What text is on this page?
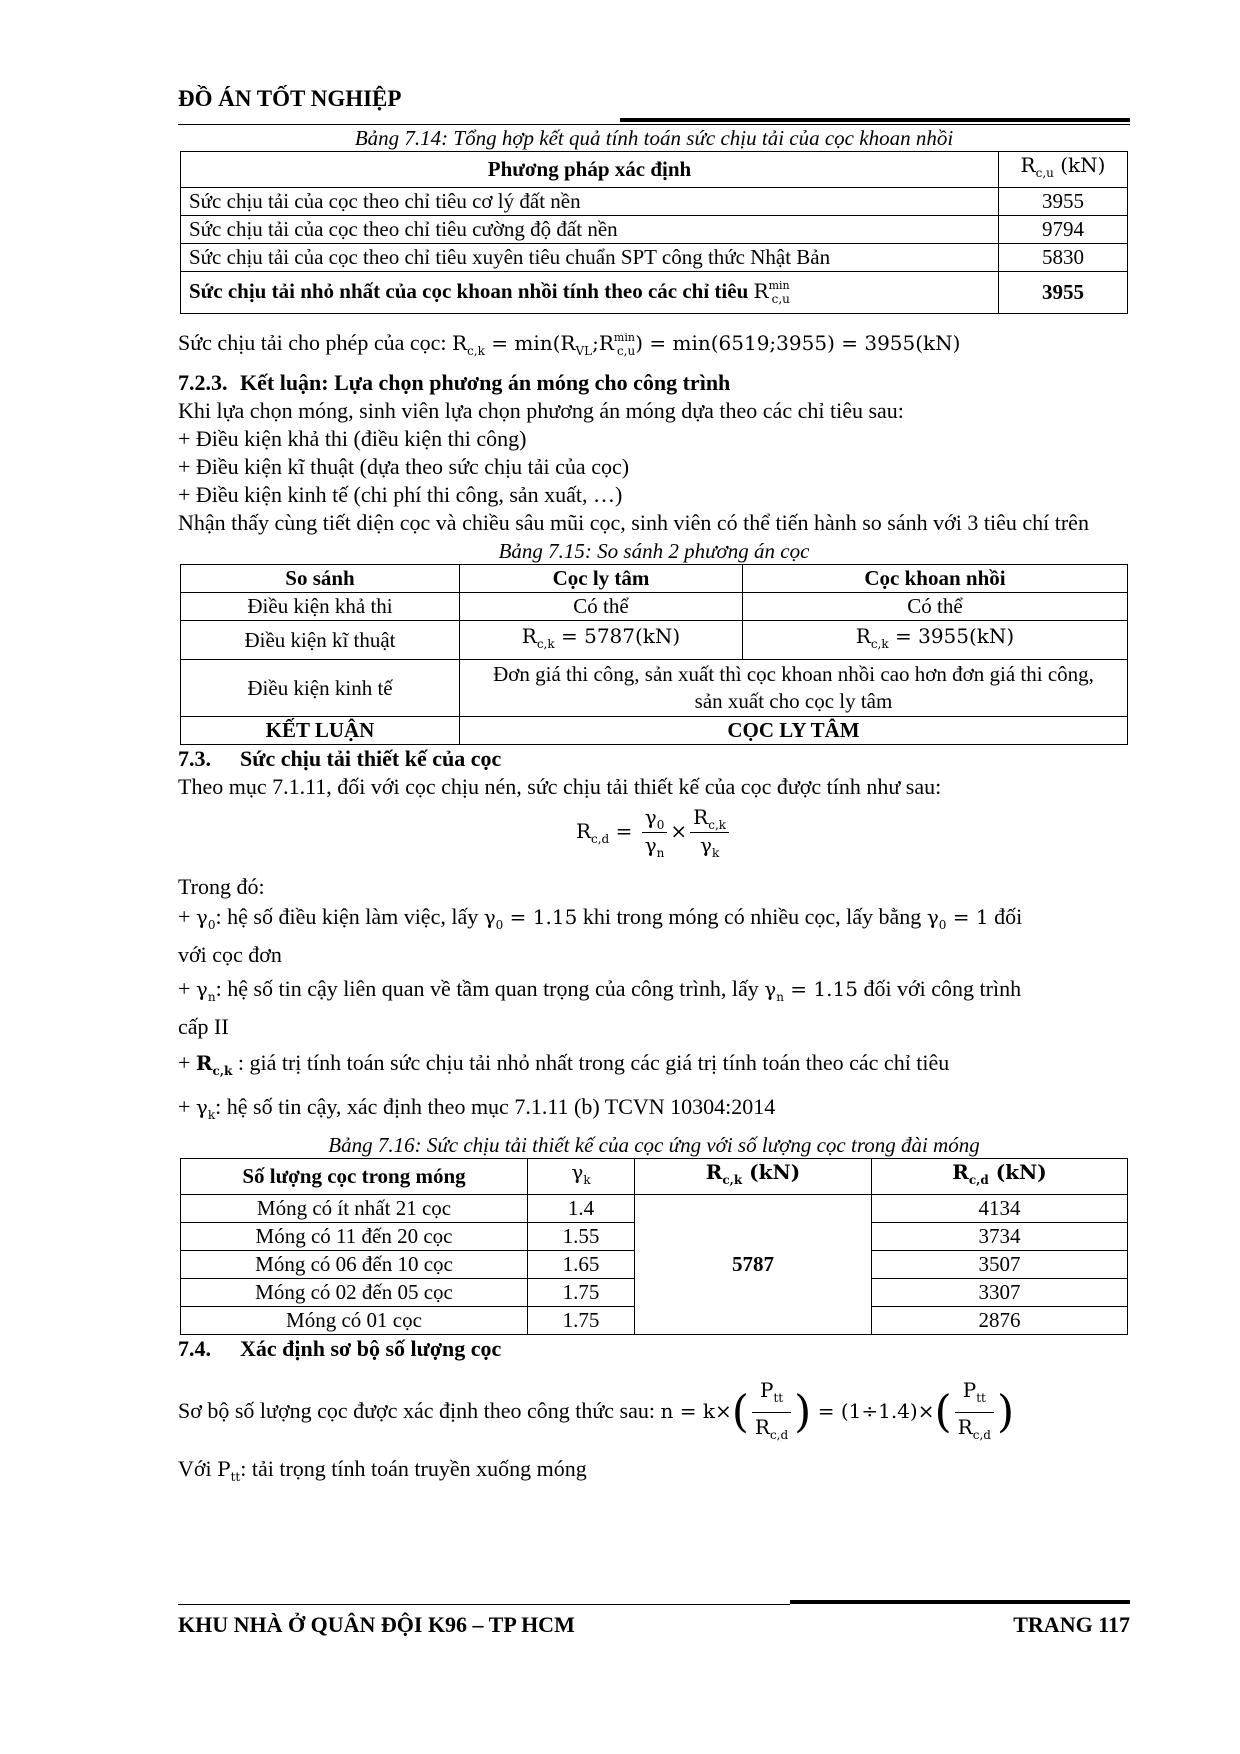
ĐỒ ÁN TỐT NGHIỆP
Bảng 7.14: Tổng hợp kết quả tính toán sức chịu tải của cọc khoan nhồi
Phương pháp xác định	$R_{c,u}$ (kN)
Sức chịu tải của cọc theo chỉ tiêu cơ lý đất nền	3955
Sức chịu tải của cọc theo chỉ tiêu cường độ đất nền	9794
Sức chịu tải của cọc theo chỉ tiêu xuyên tiêu chuẩn SPT công thức Nhật Bản	5830
Sức chịu tải nhỏ nhất của cọc khoan nhồi tính theo các chỉ tiêu $R^{min}_{c,u}$	3955

Sức chịu tải cho phép của cọc: $R_{c,k}$ = $\min(R_{VL};R^{min}_{c,u})$ = min(6519;3955) = 3955(kN)

7.2.3. Kết luận: Lựa chọn phương án móng cho công trình

Khi lựa chọn móng, sinh viên lựa chọn phương án móng dựa theo các chỉ tiêu sau:

+ Điều kiện khả thi (điều kiện thi công)

+ Điều kiện kĩ thuật (dựa theo sức chịu tải của cọc)

+ Điều kiện kinh tế (chi phí thi công, sản xuất, …)

Nhận thấy cùng tiết diện cọc và chiều sâu mũi cọc, sinh viên có thể tiến hành so sánh với 3 tiêu chí trên

Bảng 7.15: So sánh 2 phương án cọc
So sánh	Cọc ly tâm	Cọc khoan nhồi
Điều kiện khả thi	Có thể	Có thể
Điều kiện kĩ thuật	$R_{c,k} = 5787(kN)$	$R_{c,k} = 3955(kN)$
Điều kiện kinh tế	Đơn giá thi công, sản xuất thì cọc khoan nhồi cao hơn đơn giá thi công, sản xuất cho cọc ly tâm	
KẾT LUẬN	CỌC LY TÂM	

7.3. Sức chịu tải thiết kế của cọc

Theo mục 7.1.11, đối với cọc chịu nén, sức chịu tải thiết kế của cọc được tính như sau:

$R_{c,d} = \frac{\gamma_0}{\gamma_n} \times \frac{R_{c,k}}{\gamma_k}$

Trong đó:

+ $\gamma_0$: hệ số điều kiện làm việc, lấy $\gamma_0 = 1.15$ khi trong móng có nhiều cọc, lấy bằng $\gamma_0 = 1$ đối

với cọc đơn

+ $\gamma_n$: hệ số tin cậy liên quan về tầm quan trọng của công trình, lấy $\gamma_n = 1.15$ đối với công trình

cấp II

+ $R_{c,k}$ : giá trị tính toán sức chịu tải nhỏ nhất trong các giá trị tính toán theo các chỉ tiêu

+ $\gamma_k$: hệ số tin cậy, xác định theo mục 7.1.11 (b) TCVN 10304:2014

Bảng 7.16: Sức chịu tải thiết kế của cọc ứng với số lượng cọc trong đài móng
Số lượng cọc trong móng	$\gamma_k$	$R_{c,k}$ (kN)	$R_{c,d}$ (kN)
Móng có ít nhất 21 cọc	1.4	5787	4134
Móng có 11 đến 20 cọc	1.55		3734
Móng có 06 đến 10 cọc	1.65		3507
Móng có 02 đến 05 cọc	1.75		3307
Móng có 01 cọc	1.75		2876

7.4. Xác định sơ bộ số lượng cọc

Sơ bộ số lượng cọc được xác định theo công thức sau: $n = k\times( \frac{P_{tt}}{R_{c,d}}$ ) = $(1\div 1.4)\times( \frac{P_{tt}}{R_{c,d}}$ )

Với $P_{tt}$: tải trọng tính toán truyền xuống móng

KHU NHÀ Ở QUÂN ĐỘI K96 – TP HCM	TRANG 117
